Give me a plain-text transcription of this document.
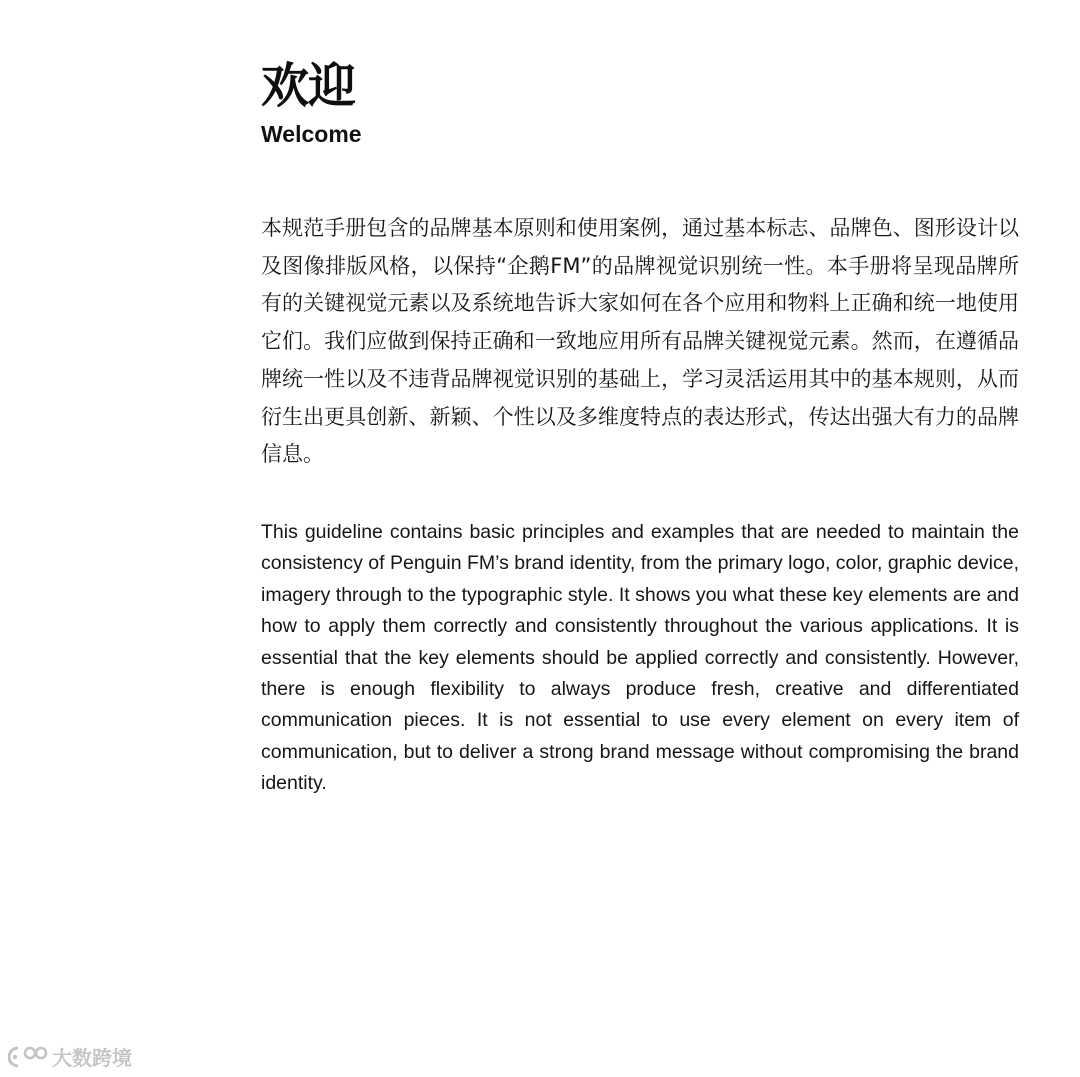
欢迎
Welcome

本规范手册包含的品牌基本原则和使用案例，通过基本标志、品牌色、图形设计以及图像排版风格，以保持“企鹅FM”的品牌视觉识别统一性。本手册将呈现品牌所有的关键视觉元素以及系统地告诉大家如何在各个应用和物料上正确和统一地使用它们。我们应做到保持正确和一致地应用所有品牌关键视觉元素。然而，在遵循品牌统一性以及不违背品牌视觉识别的基础上，学习灵活运用其中的基本规则，从而衍生出更具创新、新颖、个性以及多维度特点的表达形式，传达出强大有力的品牌信息。

This guideline contains basic principles and examples that are needed to maintain the consistency of Penguin FM’s brand identity, from the primary logo, color, graphic device, imagery through to the typographic style. It shows you what these key elements are and how to apply them correctly and consistently throughout the various applications. It is essential that the key elements should be applied correctly and consistently. However, there is enough flexibility to always produce fresh, creative and differentiated communication pieces. It is not essential to use every element on every item of communication, but to deliver a strong brand message without compromising the brand identity.

大数跨境
